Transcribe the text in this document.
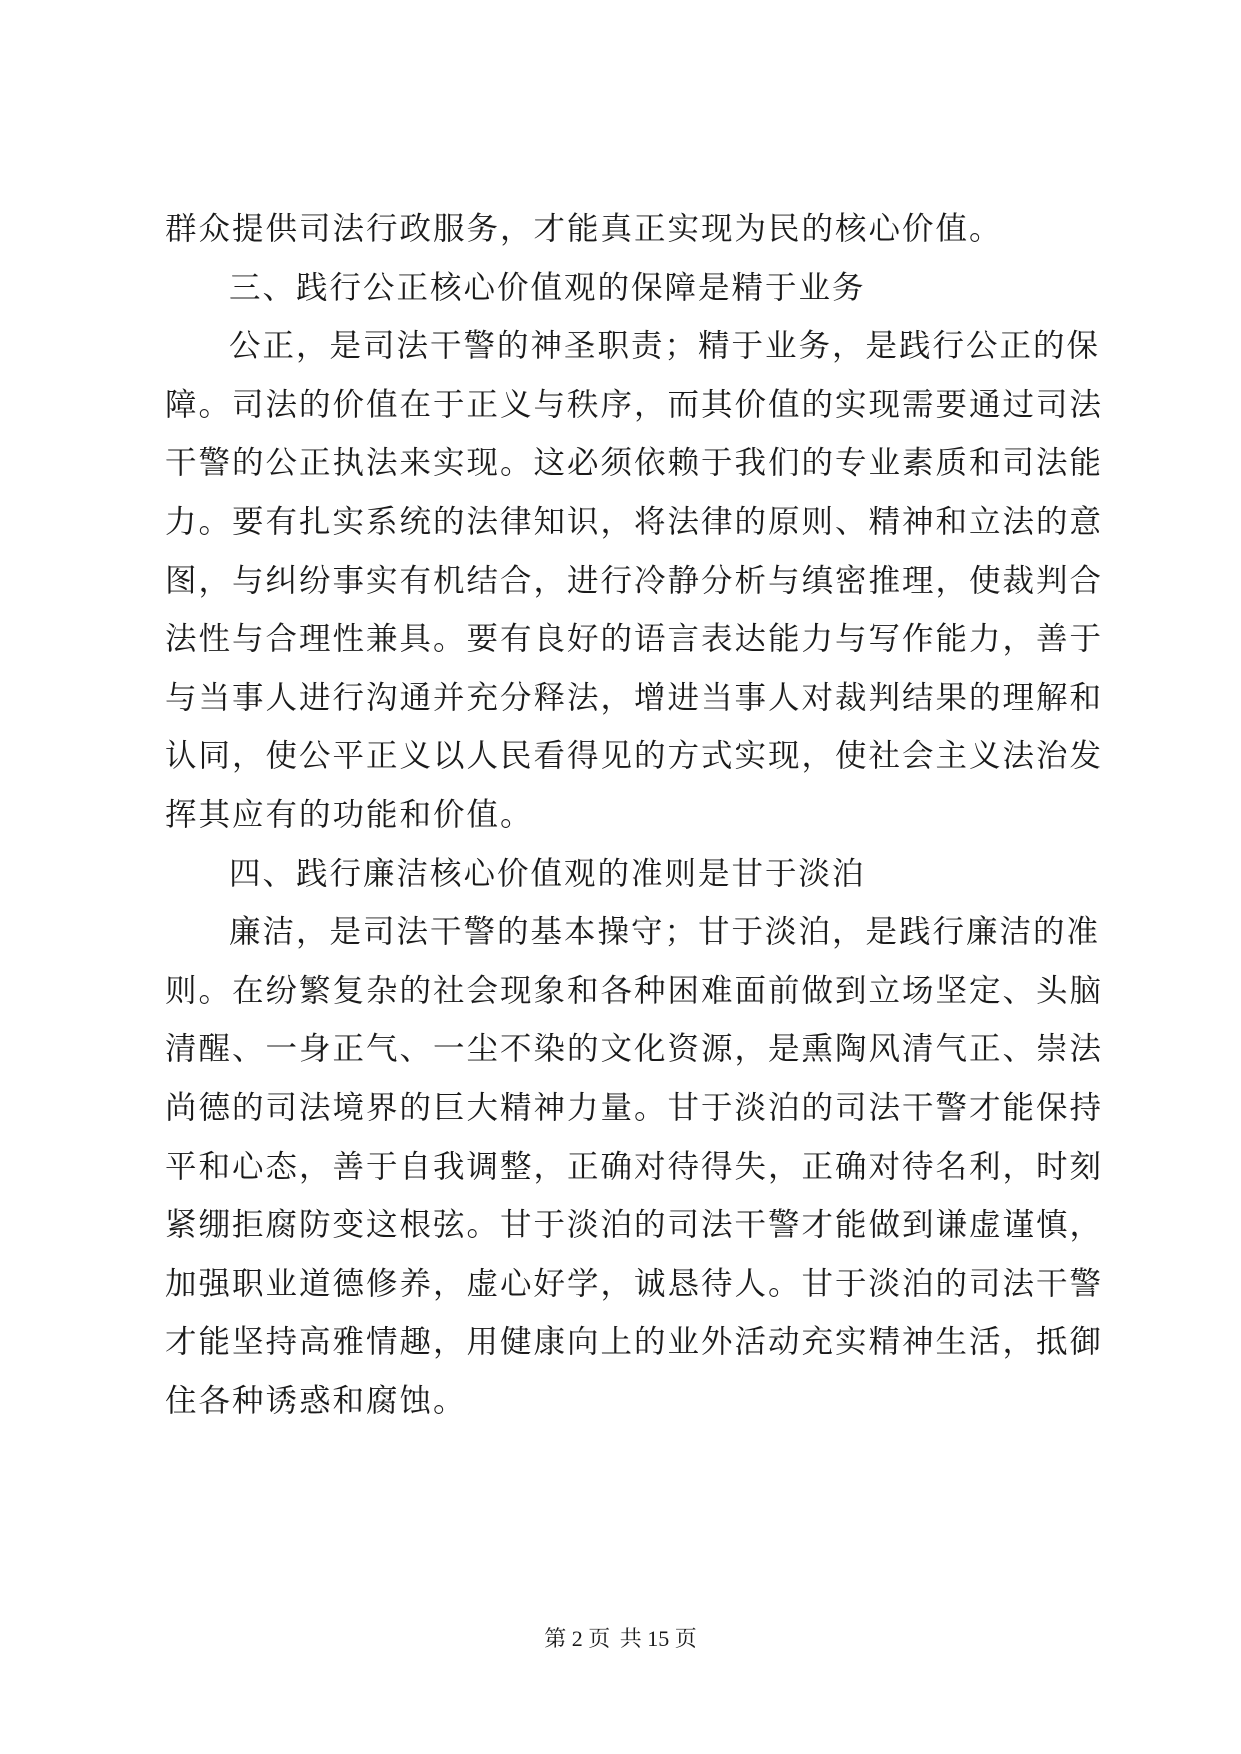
群众提供司法行政服务，才能真正实现为民的核心价值。
三、践行公正核心价值观的保障是精于业务
公正，是司法干警的神圣职责；精于业务，是践行公正的保
障。司法的价值在于正义与秩序，而其价值的实现需要通过司法
干警的公正执法来实现。这必须依赖于我们的专业素质和司法能
力。要有扎实系统的法律知识，将法律的原则、精神和立法的意
图，与纠纷事实有机结合，进行冷静分析与缜密推理，使裁判合
法性与合理性兼具。要有良好的语言表达能力与写作能力，善于
与当事人进行沟通并充分释法，增进当事人对裁判结果的理解和
认同，使公平正义以人民看得见的方式实现，使社会主义法治发
挥其应有的功能和价值。
四、践行廉洁核心价值观的准则是甘于淡泊
廉洁，是司法干警的基本操守；甘于淡泊，是践行廉洁的准
则。在纷繁复杂的社会现象和各种困难面前做到立场坚定、头脑
清醒、一身正气、一尘不染的文化资源，是熏陶风清气正、崇法
尚德的司法境界的巨大精神力量。甘于淡泊的司法干警才能保持
平和心态，善于自我调整，正确对待得失，正确对待名利，时刻
紧绷拒腐防变这根弦。甘于淡泊的司法干警才能做到谦虚谨慎，
加强职业道德修养，虚心好学，诚恳待人。甘于淡泊的司法干警
才能坚持高雅情趣，用健康向上的业外活动充实精神生活，抵御
住各种诱惑和腐蚀。
第 2 页 共 15 页
